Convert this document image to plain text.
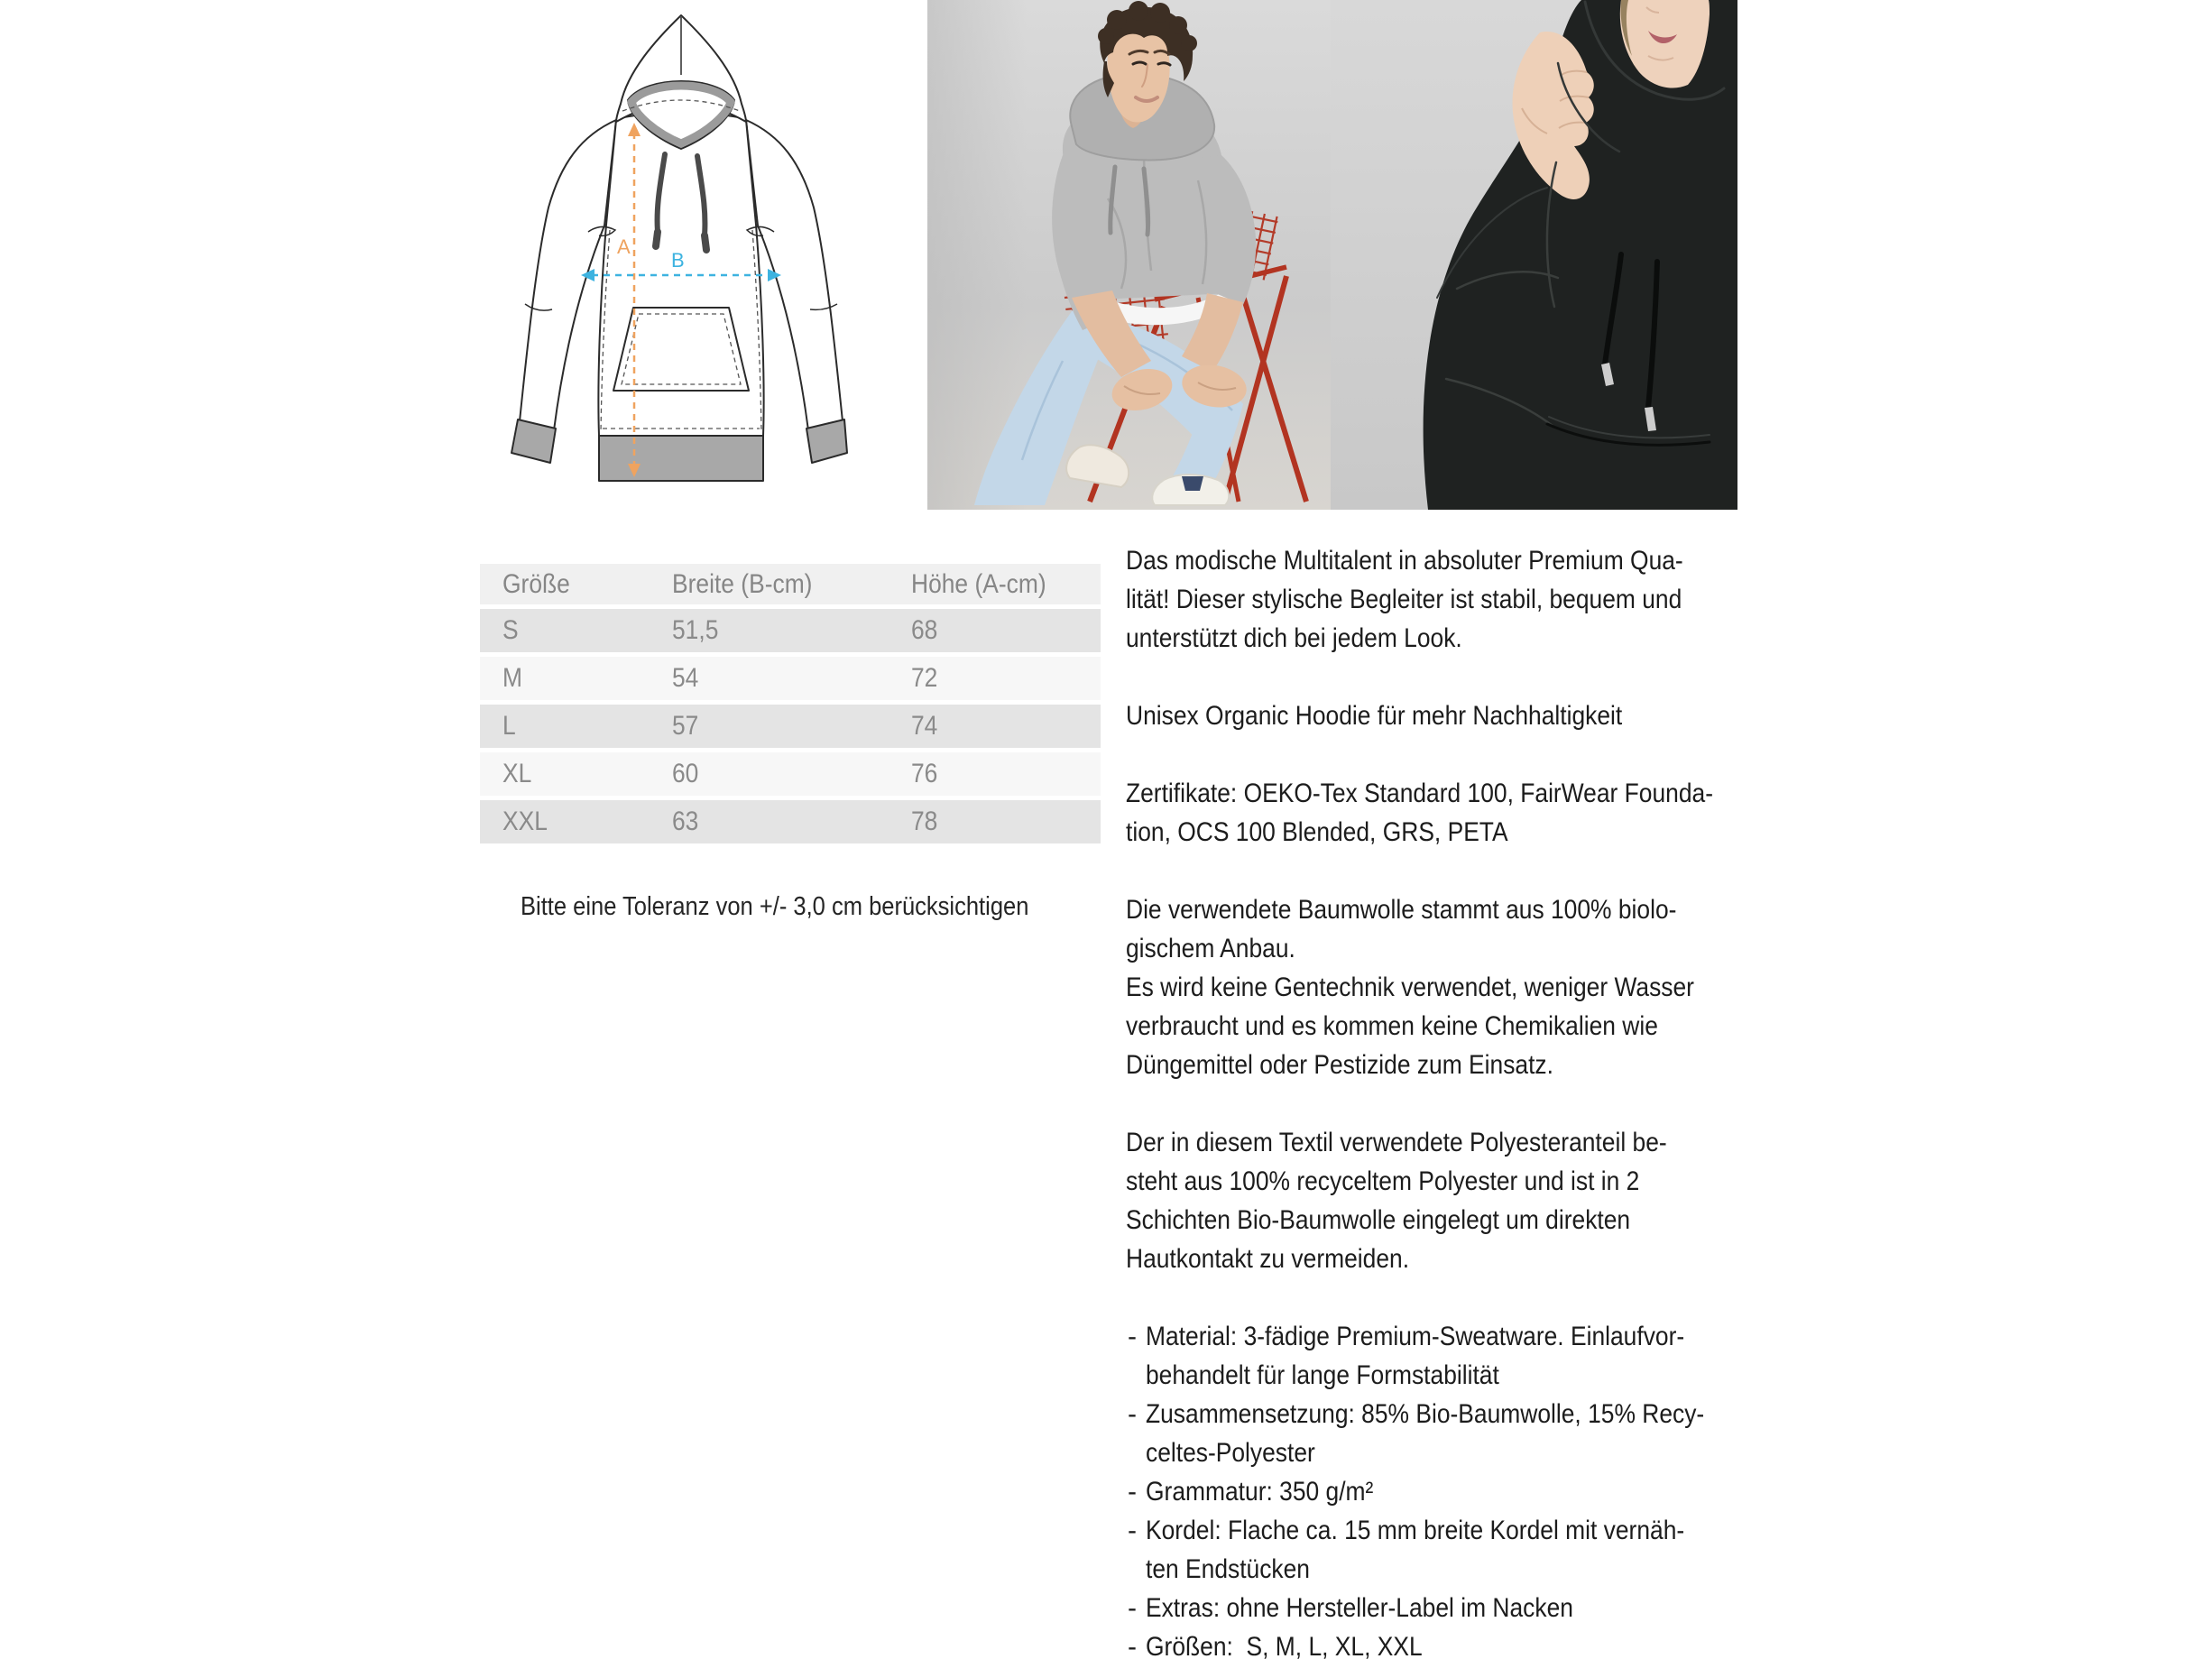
A
B
Größe	Breite (B-cm)	Höhe (A-cm)
S	51,5	68
M	54	72
L	57	74
XL	60	76
XXL	63	78

Bitte eine Toleranz von +/- 3,0 cm berücksichtigen

Das modische Multitalent in absoluter Premium Qua-lität! Dieser stylische Begleiter ist stabil, bequem undunterstützt dich bei jedem Look.
Unisex Organic Hoodie für mehr Nachhaltigkeit
Zertifikate: OEKO-Tex Standard 100, FairWear Founda-tion, OCS 100 Blended, GRS, PETA
Die verwendete Baumwolle stammt aus 100% biolo-gischem Anbau.Es wird keine Gentechnik verwendet, weniger Wasserverbraucht und es kommen keine Chemikalien wieDüngemittel oder Pestizide zum Einsatz.
Der in diesem Textil verwendete Polyesteranteil be-steht aus 100% recyceltem Polyester und ist in 2Schichten Bio-Baumwolle eingelegt um direktenHautkontakt zu vermeiden.
- Material: 3-fädige Premium-Sweatware. Einlaufvor-behandelt für lange Formstabilität
- Zusammensetzung: 85% Bio-Baumwolle, 15% Recy-celtes-Polyester
- Grammatur: 350 g/m²
- Kordel: Flache ca. 15 mm breite Kordel mit vernäh-ten Endstücken
- Extras: ohne Hersteller-Label im Nacken
- Größen:  S, M, L, XL, XXL
